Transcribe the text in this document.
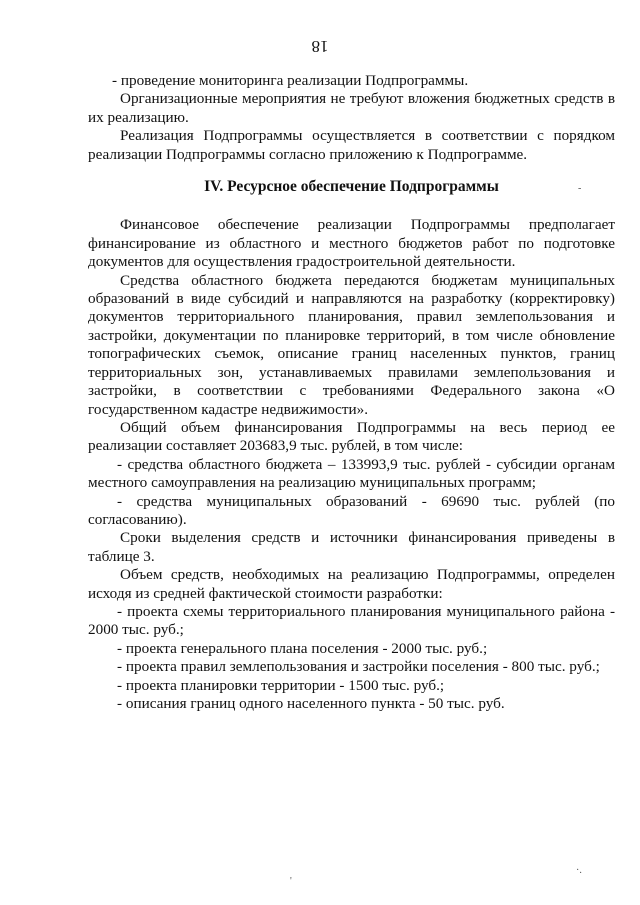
18

- проведение мониторинга реализации Подпрограммы.

Организационные мероприятия не требуют вложения бюджетных средств в их реализацию.

Реализация Подпрограммы осуществляется в соответствии с порядком реализации Подпрограммы согласно приложению к Подпрограмме.

IV. Ресурсное обеспечение Подпрограммы

Финансовое обеспечение реализации Подпрограммы предполагает финансирование из областного и местного бюджетов работ по подготовке документов для осуществления градостроительной деятельности.

Средства областного бюджета передаются бюджетам муниципальных образований в виде субсидий и направляются на разработку (корректировку) документов территориального планирования, правил землепользования и застройки, документации по планировке территорий, в том числе обновление топографических съемок, описание границ населенных пунктов, границ территориальных зон, устанавливаемых правилами землепользования и застройки, в соответствии с требованиями Федерального закона «О государственном кадастре недвижимости».

Общий объем финансирования Подпрограммы на весь период ее реализации составляет 203683,9 тыс. рублей, в том числе:

- средства областного бюджета – 133993,9 тыс. рублей - субсидии органам местного самоуправления на реализацию муниципальных программ;

- средства муниципальных образований - 69690 тыс. рублей (по согласованию).

Сроки выделения средств и источники финансирования приведены в таблице 3.

Объем средств, необходимых на реализацию Подпрограммы, определен исходя из средней фактической стоимости разработки:

- проекта схемы территориального планирования муниципального района - 2000 тыс. руб.;

- проекта генерального плана поселения - 2000 тыс. руб.;

- проекта правил землепользования и застройки поселения - 800 тыс. руб.;

- проекта планировки территории - 1500 тыс. руб.;

- описания границ одного населенного пункта - 50 тыс. руб.

-
·.
'
